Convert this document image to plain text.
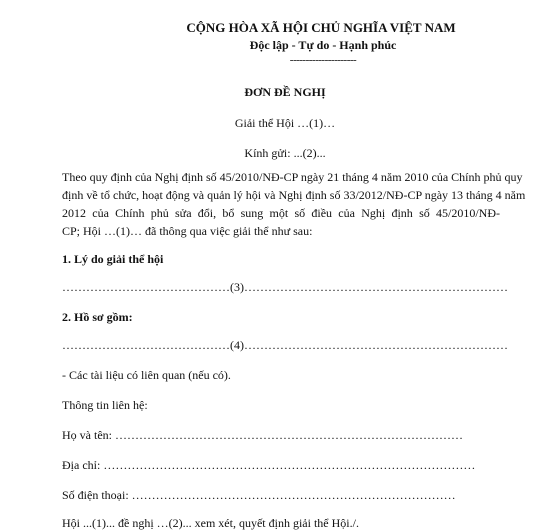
CỘNG HÒA XÃ HỘI CHỦ NGHĨA VIỆT NAM
Độc lập - Tự do - Hạnh phúc
---------------------
ĐƠN ĐỀ NGHỊ
Giải thể Hội …(1)…
Kính gửi: ...(2)...
Theo quy định của Nghị định số 45/2010/NĐ-CP ngày 21 tháng 4 năm 2010 của Chính phủ quy
định về tổ chức, hoạt động và quản lý hội và Nghị định số 33/2012/NĐ-CP ngày 13 tháng 4 năm
2012 của Chính phủ sửa đổi, bổ sung một số điều của Nghị định số 45/2010/NĐ-
CP; Hội …(1)… đã thông qua việc giải thể như sau:
1. Lý do giải thể hội
……………………………………(3)…………………………………………………………
2. Hồ sơ gồm:
……………………………………(4)…………………………………………………………
- Các tài liệu có liên quan (nếu có).
Thông tin liên hệ:
Họ và tên: ……………………………………………………………………………
Địa chỉ: …………………………………………………………………………………
Số điện thoại: ………………………………………………………………………
Hội ...(1)... đề nghị …(2)... xem xét, quyết định giải thể Hội./.
